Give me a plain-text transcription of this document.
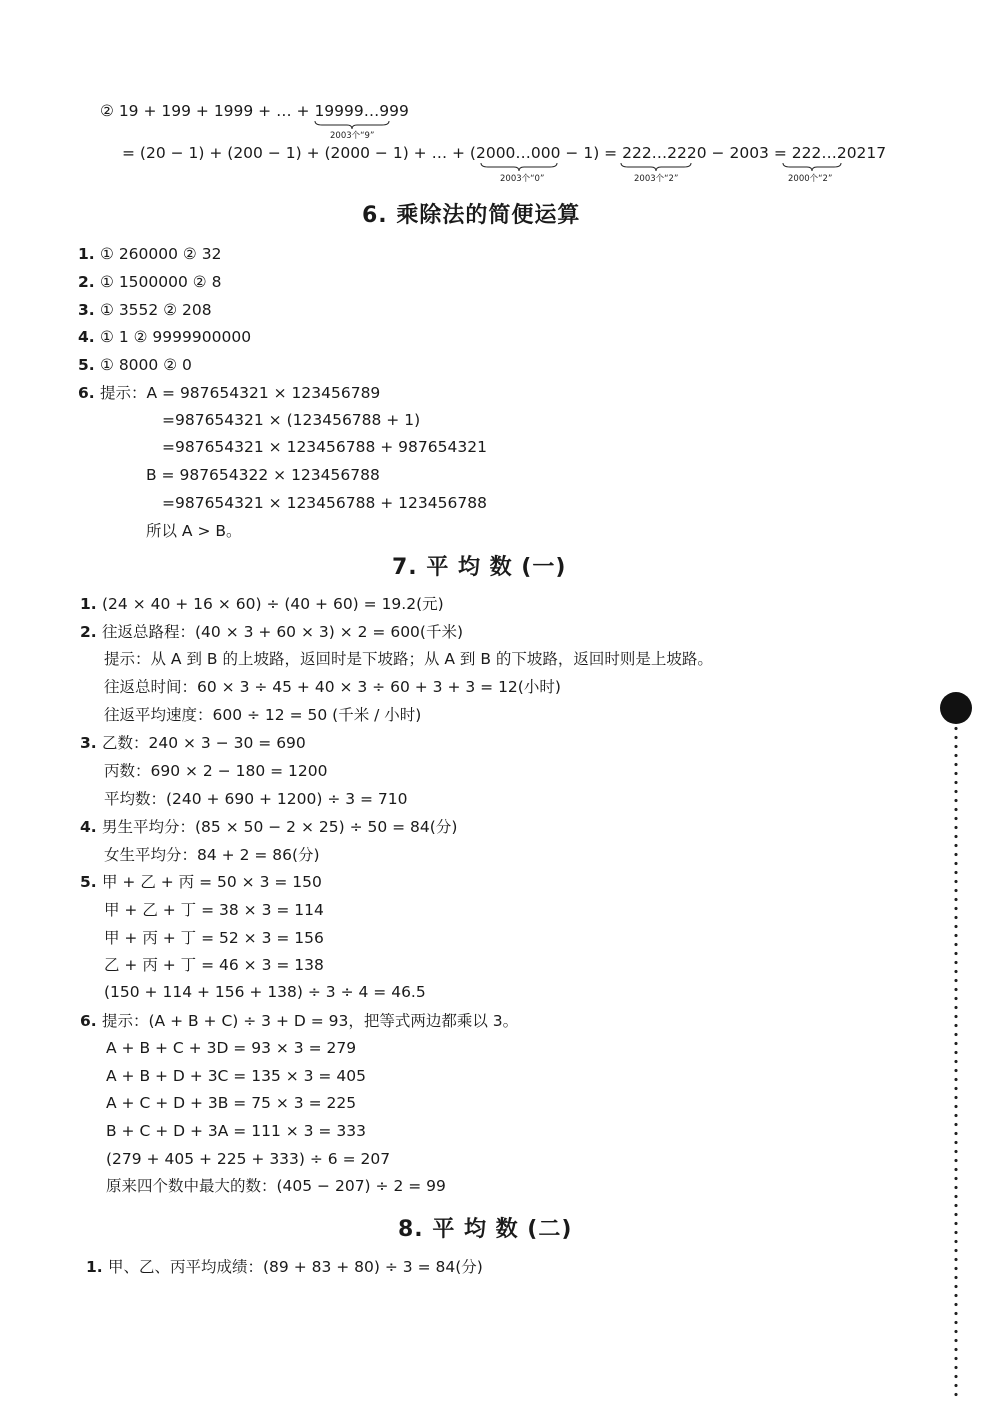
② 19 + 199 + 1999 + … + 19999…999
2003个“9”
= (20 − 1) + (200 − 1) + (2000 − 1) + … + (2000…000 − 1) = 222…2220 − 2003 = 222…20217
2003个“0”	2003个“2”	2000个“2”
6. 乘除法的简便运算
1. ① 260000 ② 32
2. ① 1500000 ② 8
3. ① 3552 ② 208
4. ① 1 ② 9999900000
5. ① 8000 ② 0
6. 提示：A = 987654321 × 123456789
=987654321 × (123456788 + 1)
=987654321 × 123456788 + 987654321
B = 987654322 × 123456788
=987654321 × 123456788 + 123456788
所以 A > B。
7. 平 均 数 (一)
1. (24 × 40 + 16 × 60) ÷ (40 + 60) = 19.2(元)
2. 往返总路程：(40 × 3 + 60 × 3) × 2 = 600(千米)
提示：从 A 到 B 的上坡路，返回时是下坡路；从 A 到 B 的下坡路，返回时则是上坡路。
往返总时间：60 × 3 ÷ 45 + 40 × 3 ÷ 60 + 3 + 3 = 12(小时)
往返平均速度：600 ÷ 12 = 50 (千米 / 小时)
3. 乙数：240 × 3 − 30 = 690
丙数：690 × 2 − 180 = 1200
平均数：(240 + 690 + 1200) ÷ 3 = 710
4. 男生平均分：(85 × 50 − 2 × 25) ÷ 50 = 84(分)
女生平均分：84 + 2 = 86(分)
5. 甲 + 乙 + 丙 = 50 × 3 = 150
甲 + 乙 + 丁 = 38 × 3 = 114
甲 + 丙 + 丁 = 52 × 3 = 156
乙 + 丙 + 丁 = 46 × 3 = 138
(150 + 114 + 156 + 138) ÷ 3 ÷ 4 = 46.5
6. 提示：(A + B + C) ÷ 3 + D = 93，把等式两边都乘以 3。
A + B + C + 3D = 93 × 3 = 279
A + B + D + 3C = 135 × 3 = 405
A + C + D + 3B = 75 × 3 = 225
B + C + D + 3A = 111 × 3 = 333
(279 + 405 + 225 + 333) ÷ 6 = 207
原来四个数中最大的数：(405 − 207) ÷ 2 = 99
8. 平 均 数 (二)
1. 甲、乙、丙平均成绩：(89 + 83 + 80) ÷ 3 = 84(分)
